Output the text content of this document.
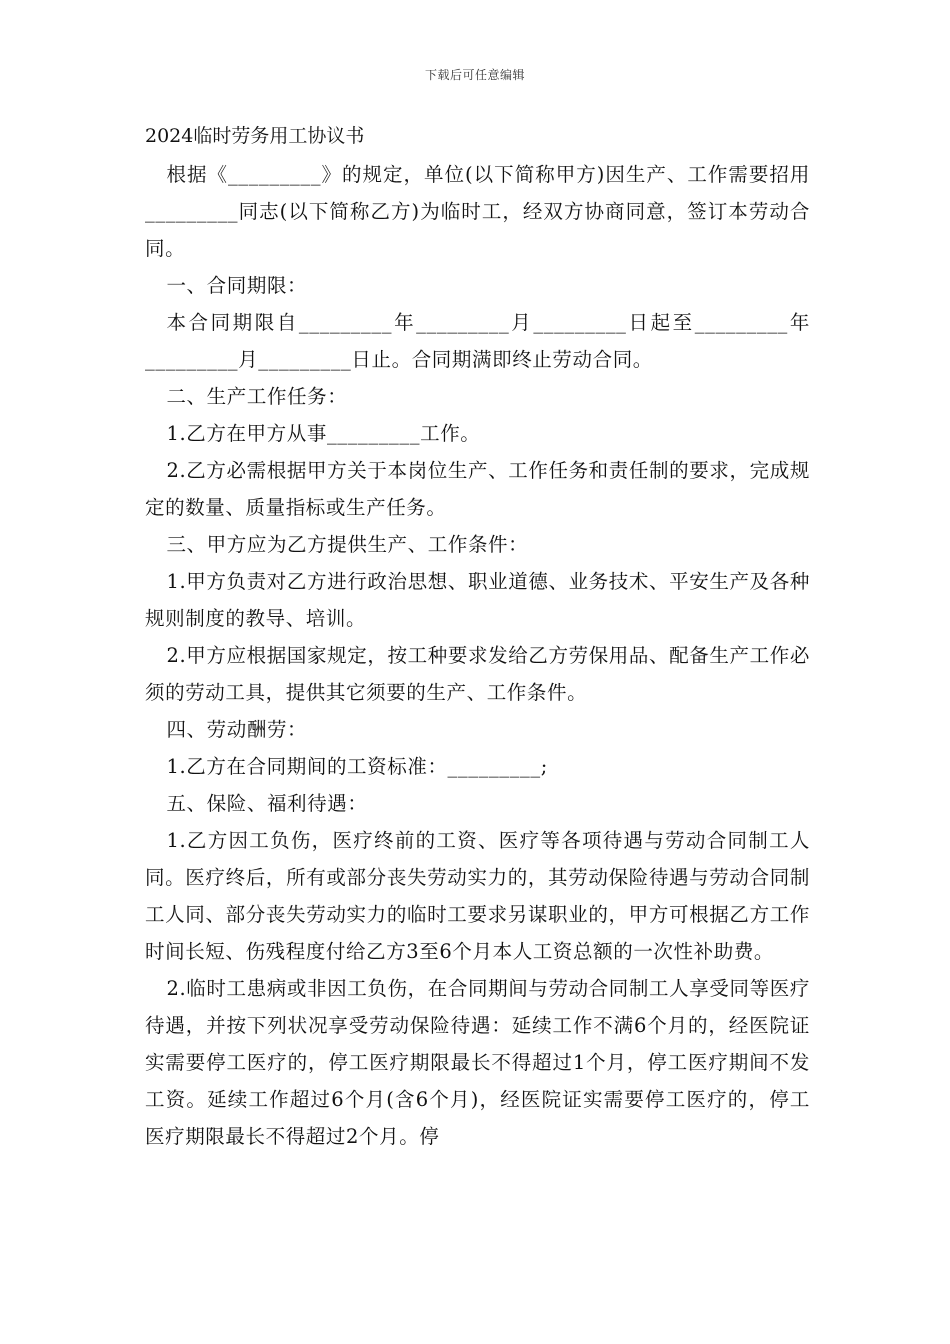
下载后可任意编辑
2024临时劳务用工协议书

根据《_________》的规定，单位(以下简称甲方)因生产、工作需要招用_________同志(以下简称乙方)为临时工，经双方协商同意，签订本劳动合同。

一、合同期限：

本合同期限自_________年_________月_________日起至_________年_________月_________日止。合同期满即终止劳动合同。

二、生产工作任务：

1.乙方在甲方从事_________工作。

2.乙方必需根据甲方关于本岗位生产、工作任务和责任制的要求，完成规定的数量、质量指标或生产任务。

三、甲方应为乙方提供生产、工作条件：

1.甲方负责对乙方进行政治思想、职业道德、业务技术、平安生产及各种规则制度的教导、培训。

2.甲方应根据国家规定，按工种要求发给乙方劳保用品、配备生产工作必须的劳动工具，提供其它须要的生产、工作条件。

四、劳动酬劳：

1.乙方在合同期间的工资标准：_________;

五、保险、福利待遇：

1.乙方因工负伤，医疗终前的工资、医疗等各项待遇与劳动合同制工人同。医疗终后，所有或部分丧失劳动实力的，其劳动保险待遇与劳动合同制工人同、部分丧失劳动实力的临时工要求另谋职业的，甲方可根据乙方工作时间长短、伤残程度付给乙方3至6个月本人工资总额的一次性补助费。

2.临时工患病或非因工负伤，在合同期间与劳动合同制工人享受同等医疗待遇，并按下列状况享受劳动保险待遇：延续工作不满6个月的，经医院证实需要停工医疗的，停工医疗期限最长不得超过1个月，停工医疗期间不发工资。延续工作超过6个月(含6个月)，经医院证实需要停工医疗的，停工医疗期限最长不得超过2个月。停
